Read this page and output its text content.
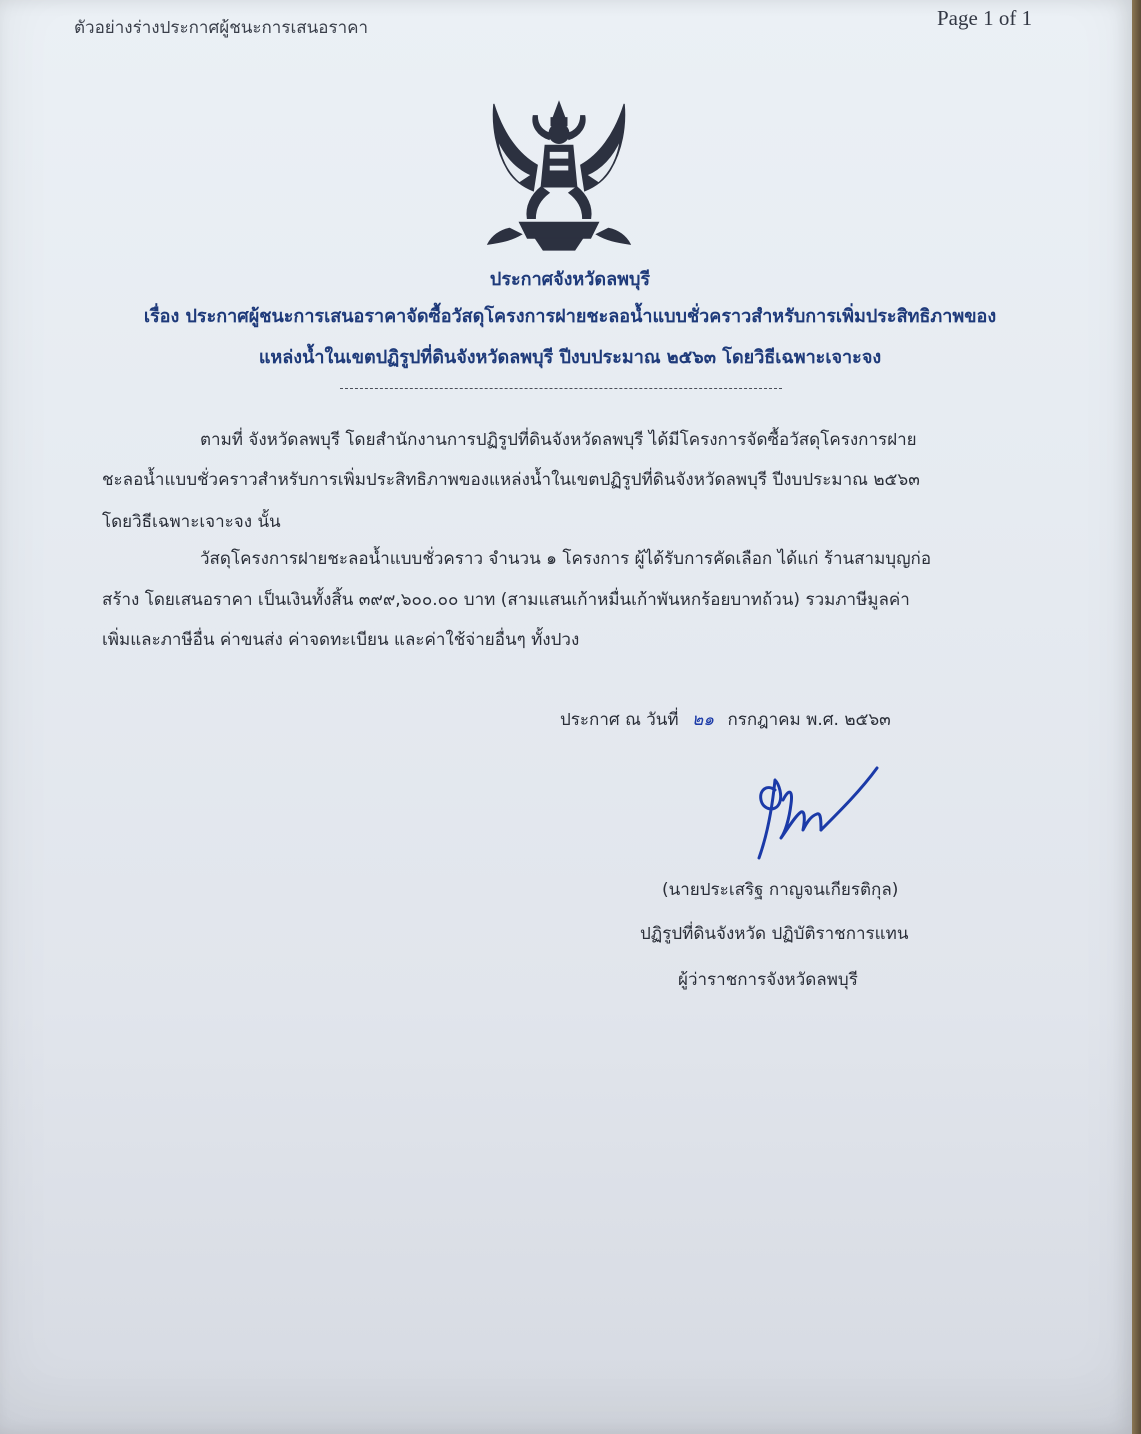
ตัวอย่างร่างประกาศผู้ชนะการเสนอราคา	Page 1 of 1
ประกาศจังหวัดลพบุรี
เรื่อง ประกาศผู้ชนะการเสนอราคาจัดซื้อวัสดุโครงการฝายชะลอน้ำแบบชั่วคราวสำหรับการเพิ่มประสิทธิภาพของ
แหล่งน้ำในเขตปฏิรูปที่ดินจังหวัดลพบุรี ปีงบประมาณ ๒๕๖๓ โดยวิธีเฉพาะเจาะจง
ตามที่ จังหวัดลพบุรี โดยสำนักงานการปฏิรูปที่ดินจังหวัดลพบุรี ได้มีโครงการจัดซื้อวัสดุโครงการฝาย
ชะลอน้ำแบบชั่วคราวสำหรับการเพิ่มประสิทธิภาพของแหล่งน้ำในเขตปฏิรูปที่ดินจังหวัดลพบุรี ปีงบประมาณ ๒๕๖๓
โดยวิธีเฉพาะเจาะจง นั้น
วัสดุโครงการฝายชะลอน้ำแบบชั่วคราว จำนวน ๑ โครงการ ผู้ได้รับการคัดเลือก ได้แก่ ร้านสามบุญก่อ
สร้าง โดยเสนอราคา เป็นเงินทั้งสิ้น ๓๙๙,๖๐๐.๐๐ บาท (สามแสนเก้าหมื่นเก้าพันหกร้อยบาทถ้วน) รวมภาษีมูลค่า
เพิ่มและภาษีอื่น ค่าขนส่ง ค่าจดทะเบียน และค่าใช้จ่ายอื่นๆ ทั้งปวง
ประกาศ ณ วันที่ ๒๑ กรกฎาคม พ.ศ. ๒๕๖๓
(นายประเสริฐ กาญจนเกียรติกุล)
ปฏิรูปที่ดินจังหวัด ปฏิบัติราชการแทน
ผู้ว่าราชการจังหวัดลพบุรี
